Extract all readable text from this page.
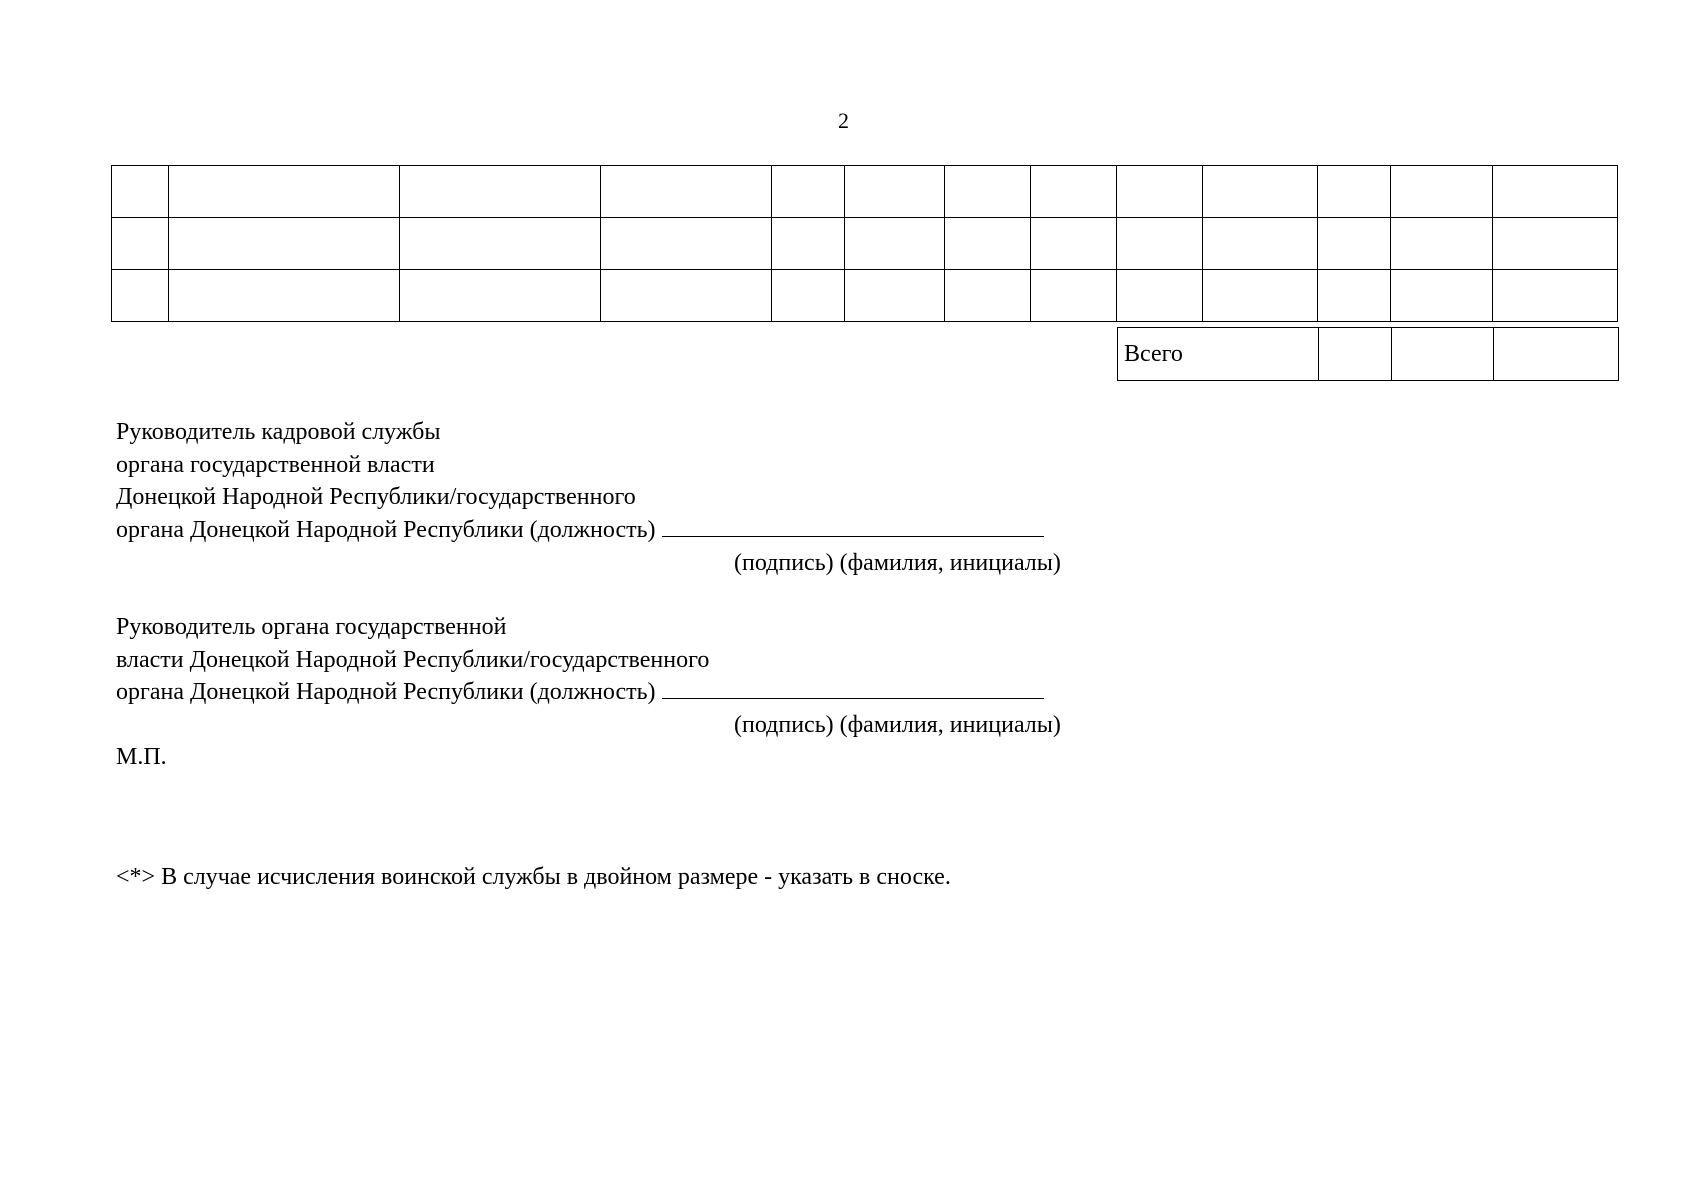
2

Всего			
Руководитель кадровой службы
органа государственной власти
Донецкой Народной Республики/государственного
органа Донецкой Народной Республики (должность)
(подпись) (фамилия, инициалы)
Руководитель органа государственной
власти Донецкой Народной Республики/государственного
органа Донецкой Народной Республики (должность)
(подпись) (фамилия, инициалы)
М.П.
<*> В случае исчисления воинской службы в двойном размере - указать в сноске.
